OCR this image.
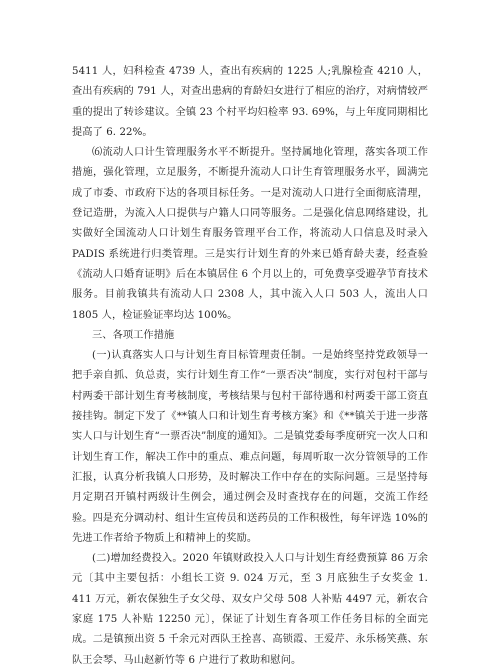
5411 人，妇科检查 4739 人，查出有疾病的 1225 人;乳腺检查 4210 人，查出有疾病的 791 人，对查出患病的育龄妇女进行了相应的治疗，对病情较严重的提出了转诊建议。全镇 23 个村平均妇检率 93. 69%，与上年度同期相比提高了 6. 22%。

⑹流动人口计生管理服务水平不断提升。坚持属地化管理，落实各项工作措施，强化管理，立足服务，不断提升流动人口计生育管理服务水平，圆满完成了市委、市政府下达的各项目标任务。一是对流动人口进行全面彻底清理，登记造册，为流入人口提供与户籍人口同等服务。二是强化信息网络建设，扎实做好全国流动人口计划生育服务管理平台工作，将流动人口信息及时录入 PADIS 系统进行归类管理。三是实行计划生育的外来已婚育龄夫妻，经查验《流动人口婚育证明》后在本镇居住 6 个月以上的，可免费享受避孕节育技术服务。目前我镇共有流动人口 2308 人，其中流入人口 503 人，流出人口 1805 人，检证验证率均达 100%。

三、各项工作措施

(一)认真落实人口与计划生育目标管理责任制。一是始终坚持党政领导一把手亲自抓、负总责，实行计划生育工作“一票否决”制度，实行对包村干部与村两委干部计划生育考核制度，考核结果与包村干部待遇和村两委干部工资直接挂钩。制定下发了《**镇人口和计划生育考核方案》和《**镇关于进一步落实人口与计划生育“一票否决”制度的通知》。二是镇党委每季度研究一次人口和计划生育工作，解决工作中的重点、难点问题，每周听取一次分管领导的工作汇报，认真分析我镇人口形势，及时解决工作中存在的实际问题。三是坚持每月定期召开镇村两级计生例会，通过例会及时查找存在的问题，交流工作经验。四是充分调动村、组计生宣传员和送药员的工作积极性，每年评选 10%的先进工作者给予物质上和精神上的奖励。

(二)增加经费投入。2020 年镇财政投入人口与计划生育经费预算 86 万余元〔其中主要包括：小组长工资 9. 024 万元，至 3 月底独生子女奖金 1. 411 万元，新农保独生子女父母、双女户父母 508 人补贴 4497 元，新农合家庭 175 人补贴 12250 元〕，保证了计划生育各项工作任务目标的全面完成。二是镇预出资 5 千余元对西队王拴喜、高锁霞、王爱芹、永乐杨笑燕、东队王会琴、马山赵新竹等 6 户进行了救助和慰问。
